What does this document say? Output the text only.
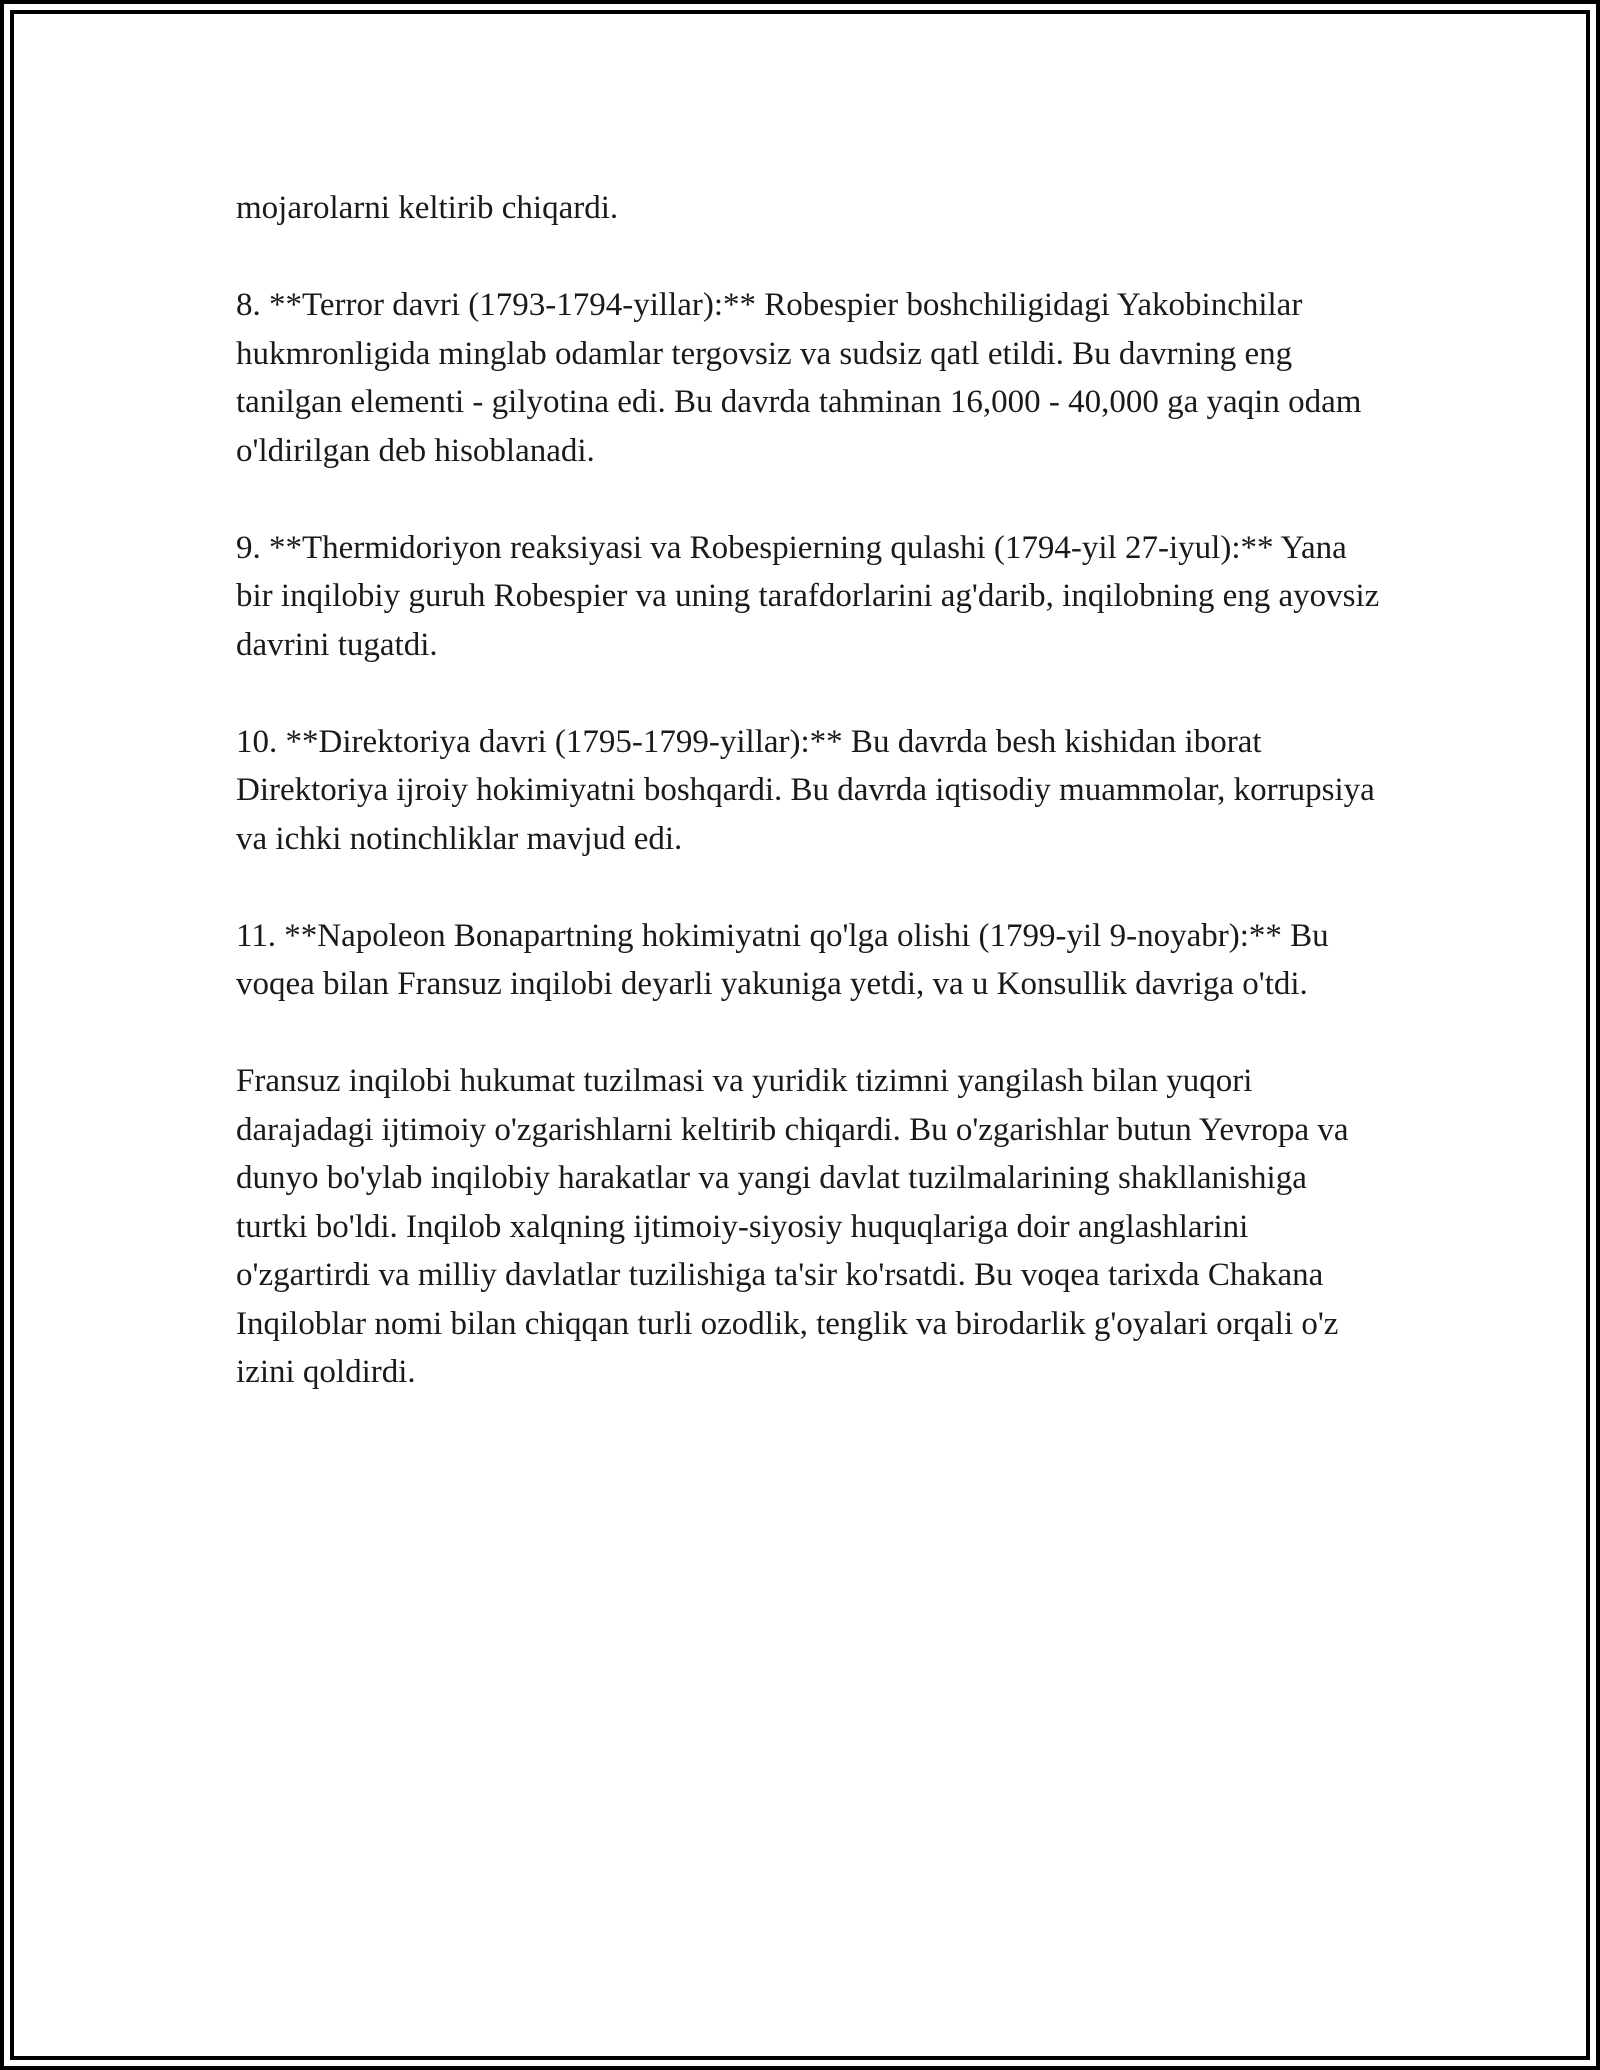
mojarolarni keltirib chiqardi.

8. **Terror davri (1793-1794-yillar):** Robespier boshchiligidagi Yakobinchilar hukmronligida minglab odamlar tergovsiz va sudsiz qatl etildi. Bu davrning eng tanilgan elementi - gilyotina edi. Bu davrda tahminan 16,000 - 40,000 ga yaqin odam o'ldirilgan deb hisoblanadi.

9. **Thermidoriyon reaksiyasi va Robespierning qulashi (1794-yil 27-iyul):** Yana bir inqilobiy guruh Robespier va uning tarafdorlarini ag'darib, inqilobning eng ayovsiz davrini tugatdi.

10. **Direktoriya davri (1795-1799-yillar):** Bu davrda besh kishidan iborat Direktoriya ijroiy hokimiyatni boshqardi. Bu davrda iqtisodiy muammolar, korrupsiya va ichki notinchliklar mavjud edi.

11. **Napoleon Bonapartning hokimiyatni qo'lga olishi (1799-yil 9-noyabr):** Bu voqea bilan Fransuz inqilobi deyarli yakuniga yetdi, va u Konsullik davriga o'tdi.

Fransuz inqilobi hukumat tuzilmasi va yuridik tizimni yangilash bilan yuqori darajadagi ijtimoiy o'zgarishlarni keltirib chiqardi. Bu o'zgarishlar butun Yevropa va dunyo bo'ylab inqilobiy harakatlar va yangi davlat tuzilmalarining shakllanishiga turtki bo'ldi. Inqilob xalqning ijtimoiy-siyosiy huquqlariga doir anglashlarini o'zgartirdi va milliy davlatlar tuzilishiga ta'sir ko'rsatdi. Bu voqea tarixda Chakana Inqiloblar nomi bilan chiqqan turli ozodlik, tenglik va birodarlik g'oyalari orqali o'z izini qoldirdi.
